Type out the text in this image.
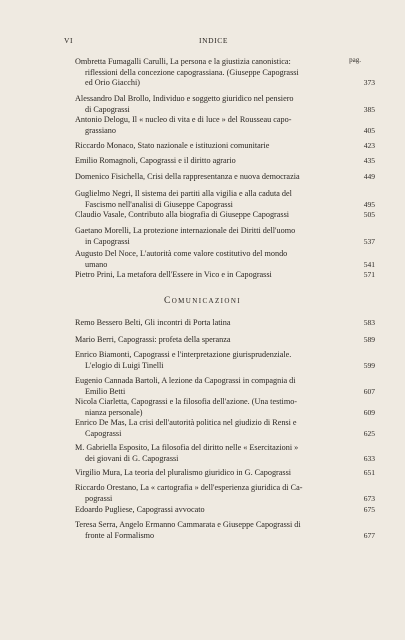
VI	INDICE
pag.
Ombretta Fumagalli Carulli, La persona e la giustizia canonistica:
riflessioni della concezione capograssiana. (Giuseppe Capograssi
ed Orio Giacchi)	373
Alessandro Dal Brollo, Individuo e soggetto giuridico nel pensiero
di Capograssi	385
Antonio Delogu, Il « nucleo di vita e di luce » del Rousseau capo-
grassiano	405
Riccardo Monaco, Stato nazionale e istituzioni comunitarie	423
Emilio Romagnoli, Capograssi e il diritto agrario	435
Domenico Fisichella, Crisi della rappresentanza e nuova democrazia	449
Guglielmo Negri, Il sistema dei partiti alla vigilia e alla caduta del
Fascismo nell'analisi di Giuseppe Capograssi	495
Claudio Vasale, Contributo alla biografia di Giuseppe Capograssi	505
Gaetano Morelli, La protezione internazionale dei Diritti dell'uomo
in Capograssi	537
Augusto Del Noce, L'autorità come valore costitutivo del mondo
umano	541
Pietro Prini, La metafora dell'Essere in Vico e in Capograssi	571
Comunicazioni
Remo Bessero Belti, Gli incontri di Porta latina	583
Mario Berri, Capograssi: profeta della speranza	589
Enrico Biamonti, Capograssi e l'interpretazione giurisprudenziale.
L'elogio di Luigi Tinelli	599
Eugenio Cannada Bartoli, A lezione da Capograssi in compagnia di
Emilio Betti	607
Nicola Ciarletta, Capograssi e la filosofia dell'azione. (Una testimo-
nianza personale)	609
Enrico De Mas, La crisi dell'autorità politica nel giudizio di Rensi e
Capograssi	625
M. Gabriella Esposito, La filosofia del diritto nelle « Esercitazioni »
dei giovani di G. Capograssi	633
Virgilio Mura, La teoria del pluralismo giuridico in G. Capograssi	651
Riccardo Orestano, La « cartografia » dell'esperienza giuridica di Ca-
pograssi	673
Edoardo Pugliese, Capograssi avvocato	675
Teresa Serra, Angelo Ermanno Cammarata e Giuseppe Capograssi di
fronte al Formalismo	677
